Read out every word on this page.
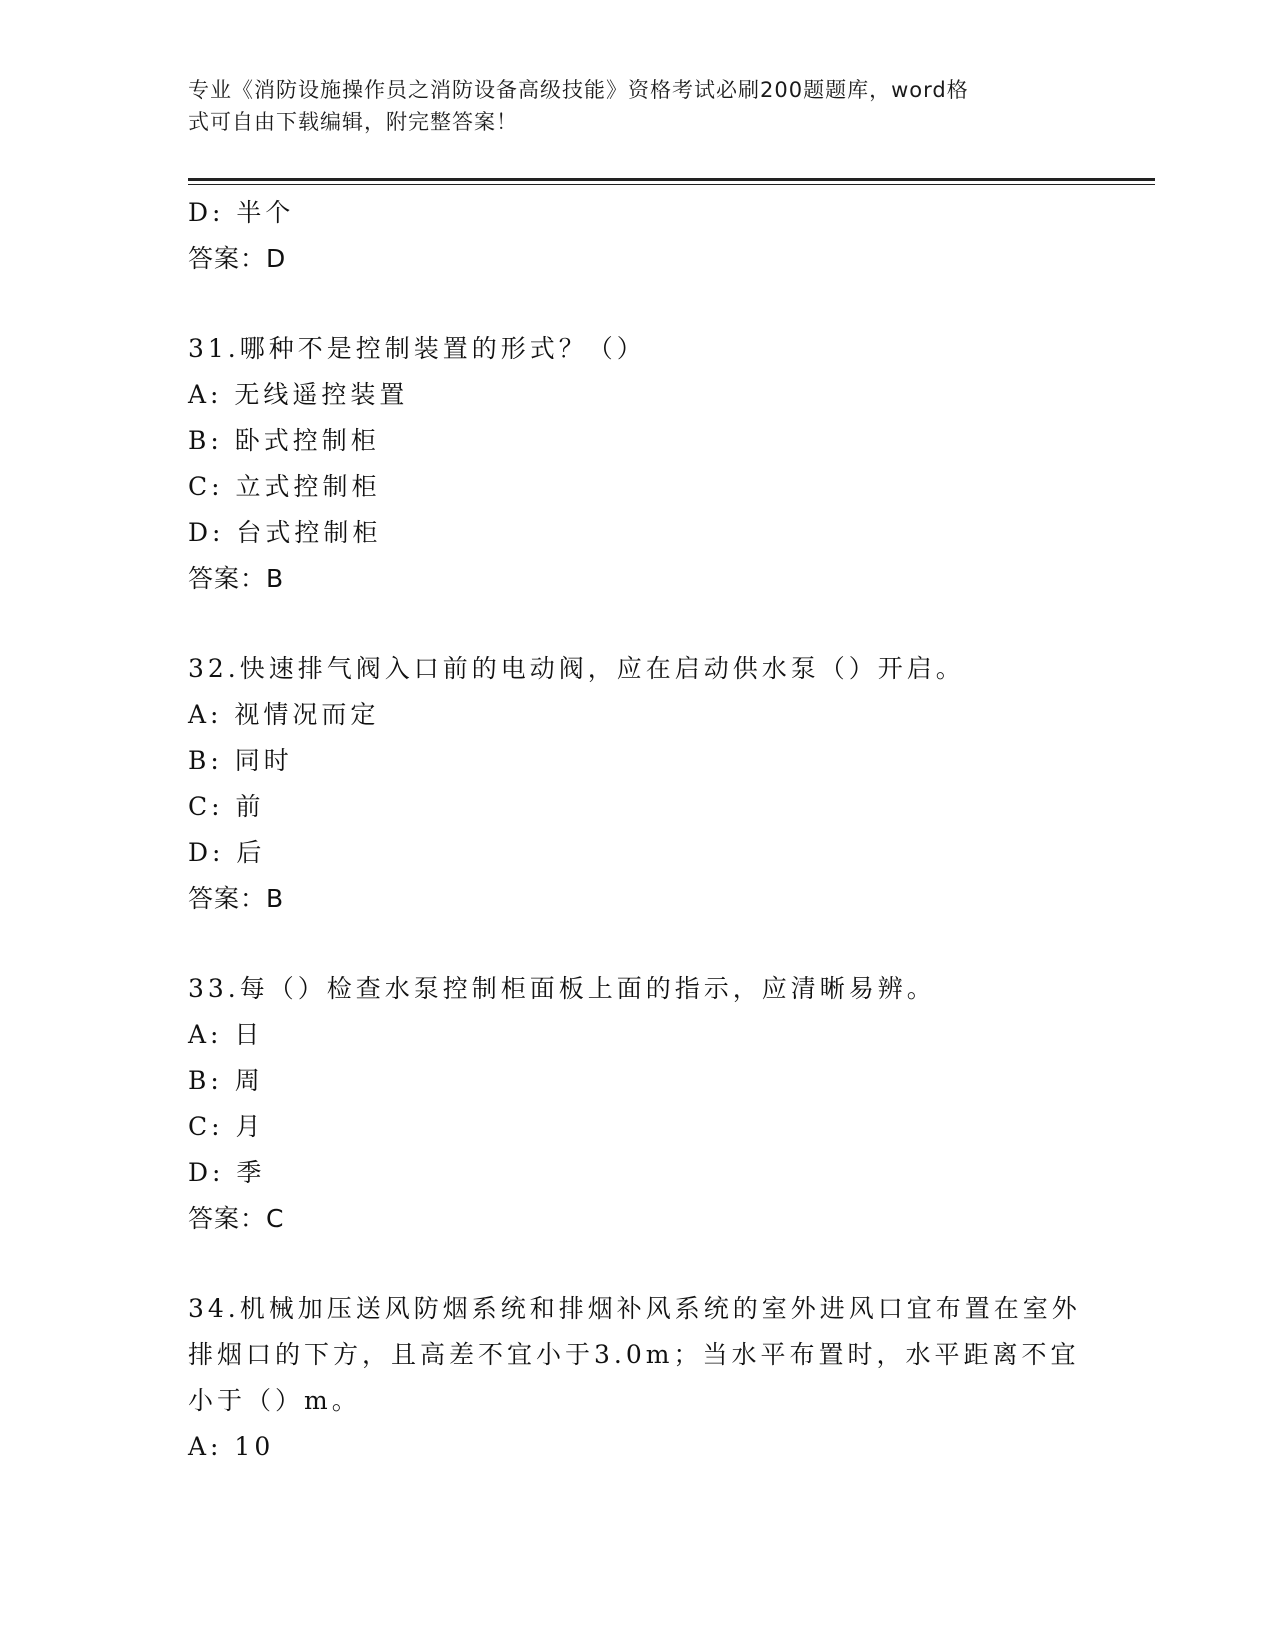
专业《消防设施操作员之消防设备高级技能》资格考试必刷200题题库，word格
式可自由下载编辑，附完整答案！
D: 半个
答案：D
31.哪种不是控制装置的形式？（）
A: 无线遥控装置
B: 卧式控制柜
C: 立式控制柜
D: 台式控制柜
答案：B
32.快速排气阀入口前的电动阀，应在启动供水泵（）开启。
A: 视情况而定
B: 同时
C: 前
D: 后
答案：B
33.每（）检查水泵控制柜面板上面的指示，应清晰易辨。
A: 日
B: 周
C: 月
D: 季
答案：C
34.机械加压送风防烟系统和排烟补风系统的室外进风口宜布置在室外
排烟口的下方，且高差不宜小于3.0m；当水平布置时，水平距离不宜
小于（）m。
A: 10
